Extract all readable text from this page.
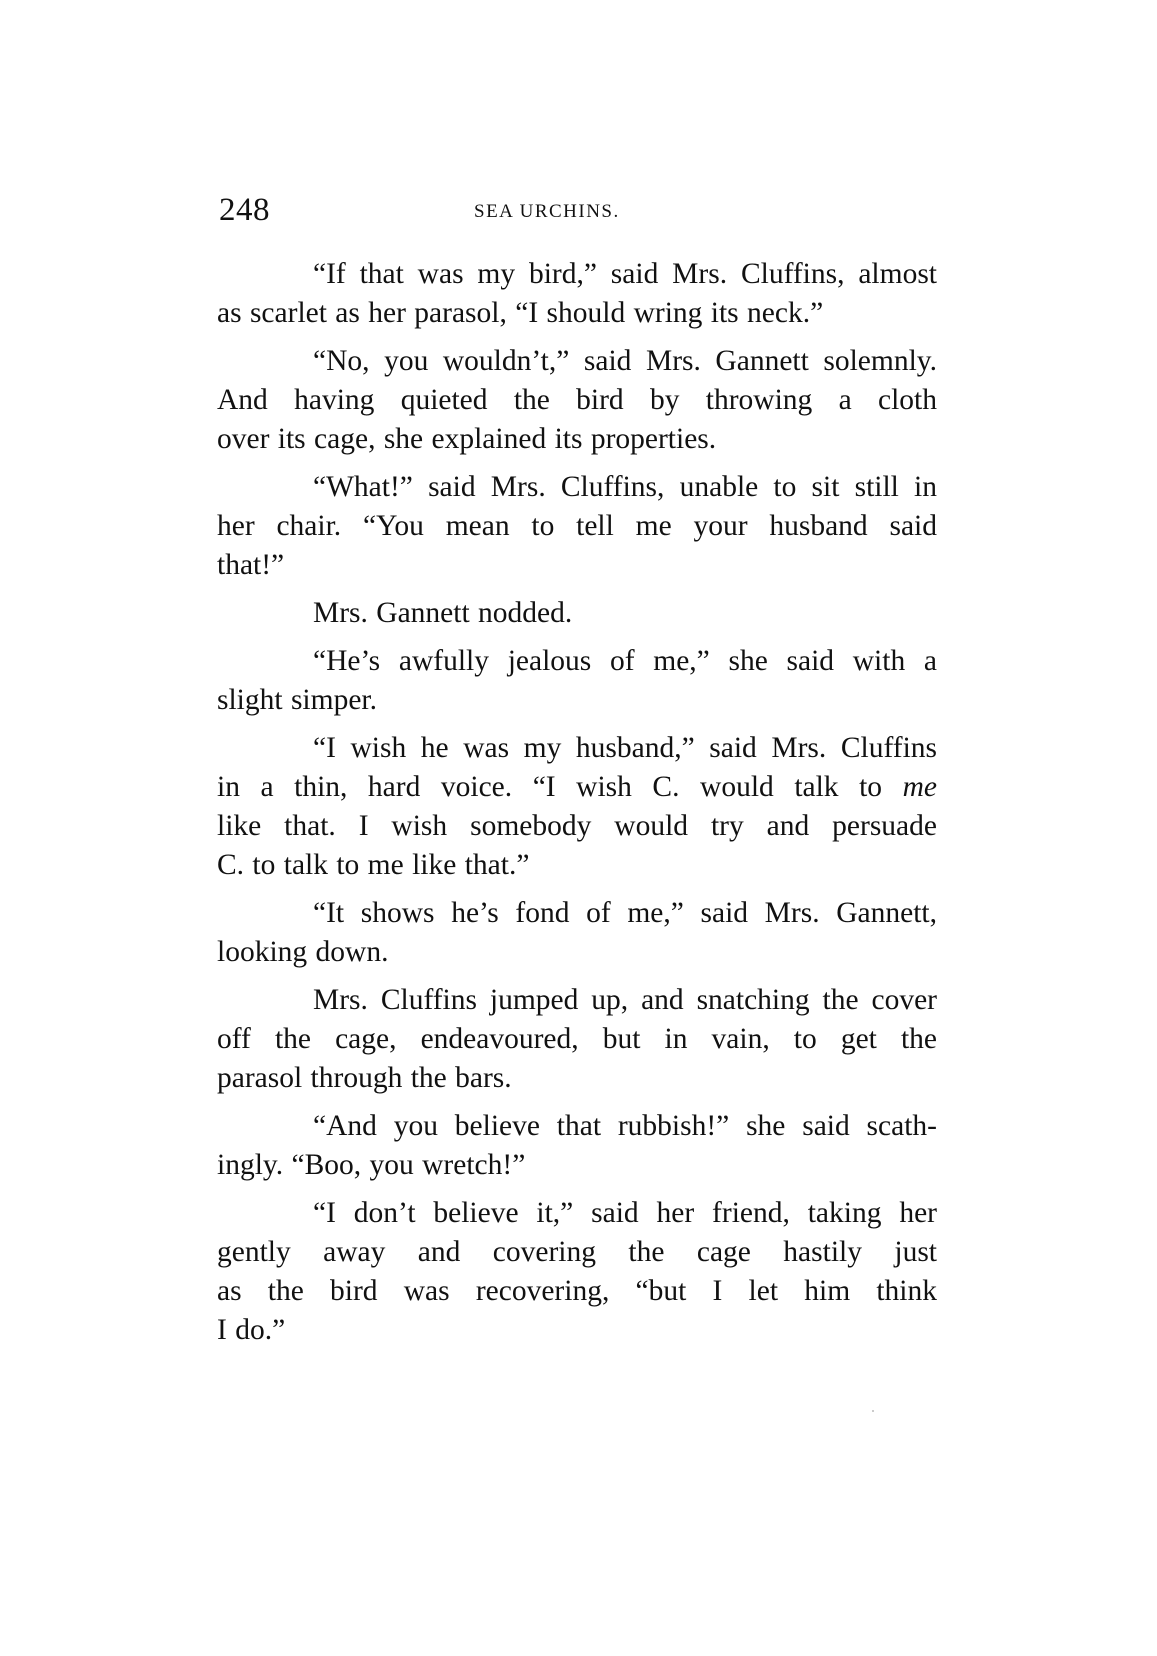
248	SEA URCHINS.

“If that was my bird,” said Mrs. Cluffins, almost
as scarlet as her parasol, “I should wring its neck.”

“No, you wouldn’t,” said Mrs. Gannett solemnly.
And having quieted the bird by throwing a cloth
over its cage, she explained its properties.

“What!” said Mrs. Cluffins, unable to sit still in
her chair. “You mean to tell me your husband said
that!”

Mrs. Gannett nodded.

“He’s awfully jealous of me,” she said with a
slight simper.

“I wish he was my husband,” said Mrs. Cluffins
in a thin, hard voice. “I wish C. would talk to me
like that. I wish somebody would try and persuade
C. to talk to me like that.”

“It shows he’s fond of me,” said Mrs. Gannett,
looking down.

Mrs. Cluffins jumped up, and snatching the cover
off the cage, endeavoured, but in vain, to get the
parasol through the bars.

“And you believe that rubbish!” she said scath-
ingly. “Boo, you wretch!”

“I don’t believe it,” said her friend, taking her
gently away and covering the cage hastily just
as the bird was recovering, “but I let him think
I do.”
